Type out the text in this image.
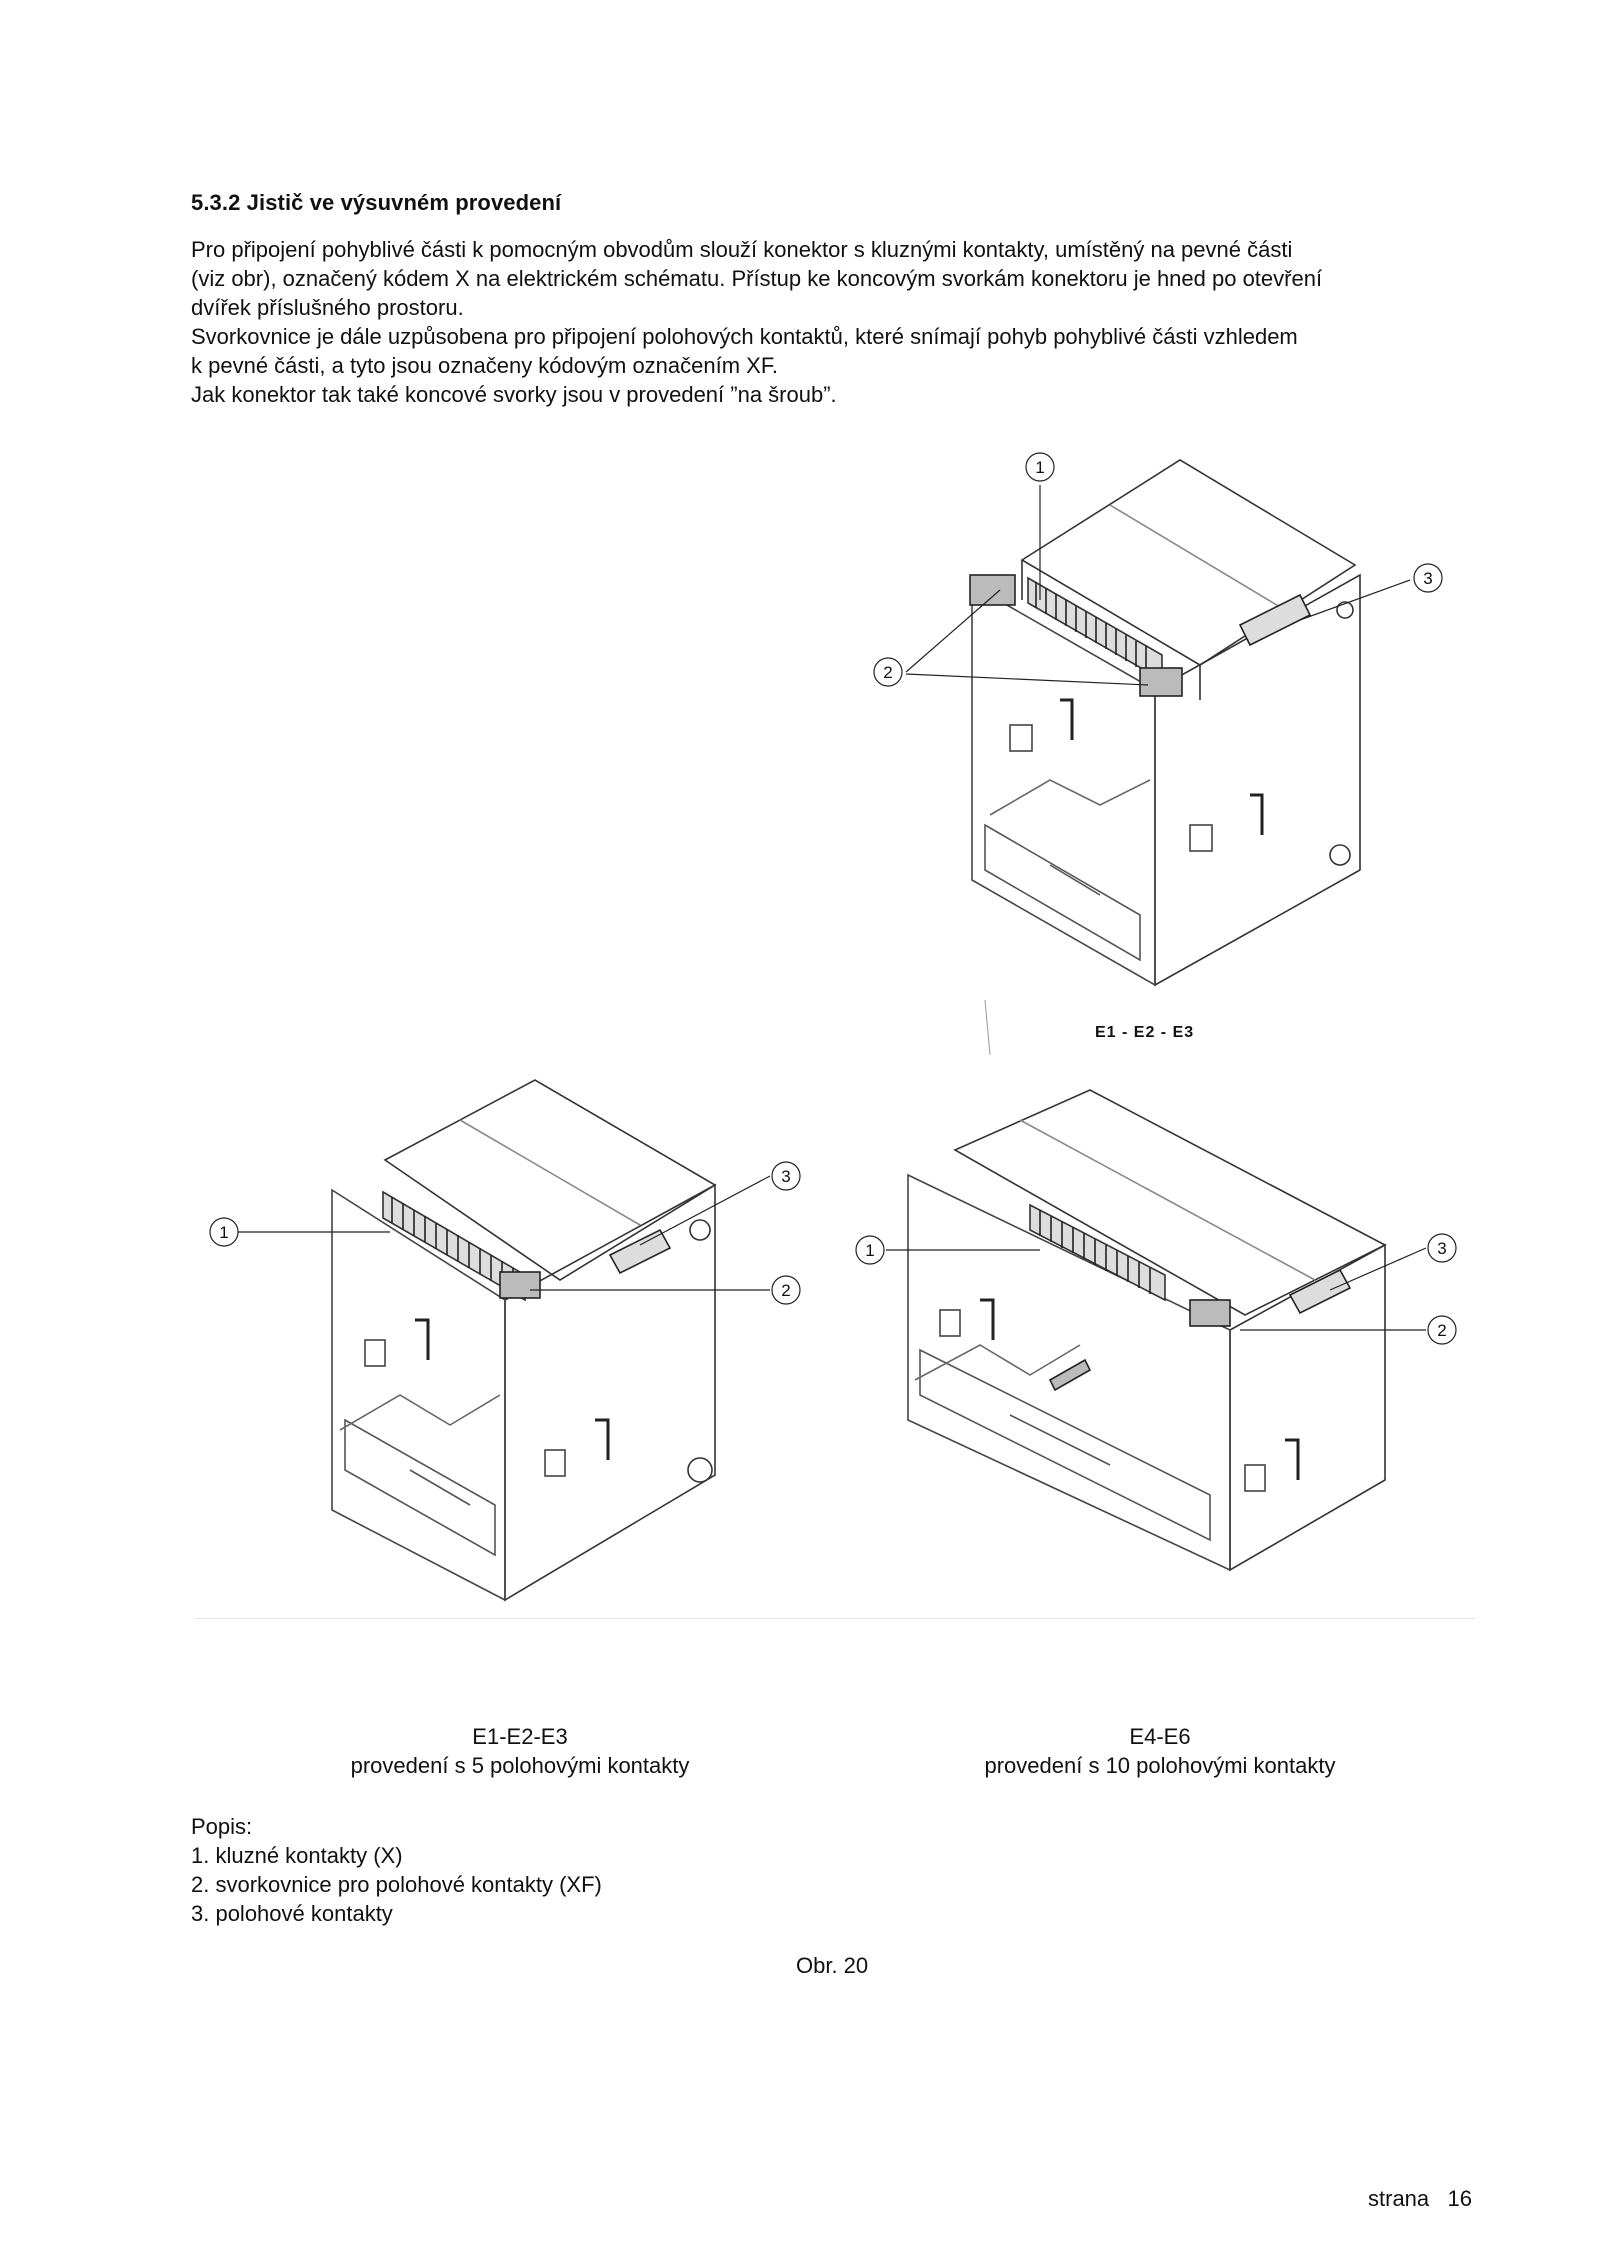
5.3.2 Jistič ve výsuvném provedení
Pro připojení pohyblivé části k pomocným obvodům slouží konektor s kluznými kontakty, umístěný na pevné části
(viz obr), označený kódem X na elektrickém schématu. Přístup ke koncovým svorkám konektoru je hned po otevření
dvířek příslušného prostoru.
Svorkovnice je dále uzpůsobena pro připojení polohových kontaktů, které snímají pohyb pohyblivé části vzhledem
k pevné části, a tyto jsou označeny kódovým označením XF.
Jak konektor tak také koncové svorky jsou v provedení ”na šroub”.
1
2
3
1
2
3
1
2
3
E1 - E2 - E3
E1-E2-E3
provedení s 5 polohovými kontakty
E4-E6
provedení s 10 polohovými kontakty
Popis:
1. kluzné kontakty (X)
2. svorkovnice pro polohové kontakty (XF)
3. polohové kontakty
Obr. 20
strana   16
